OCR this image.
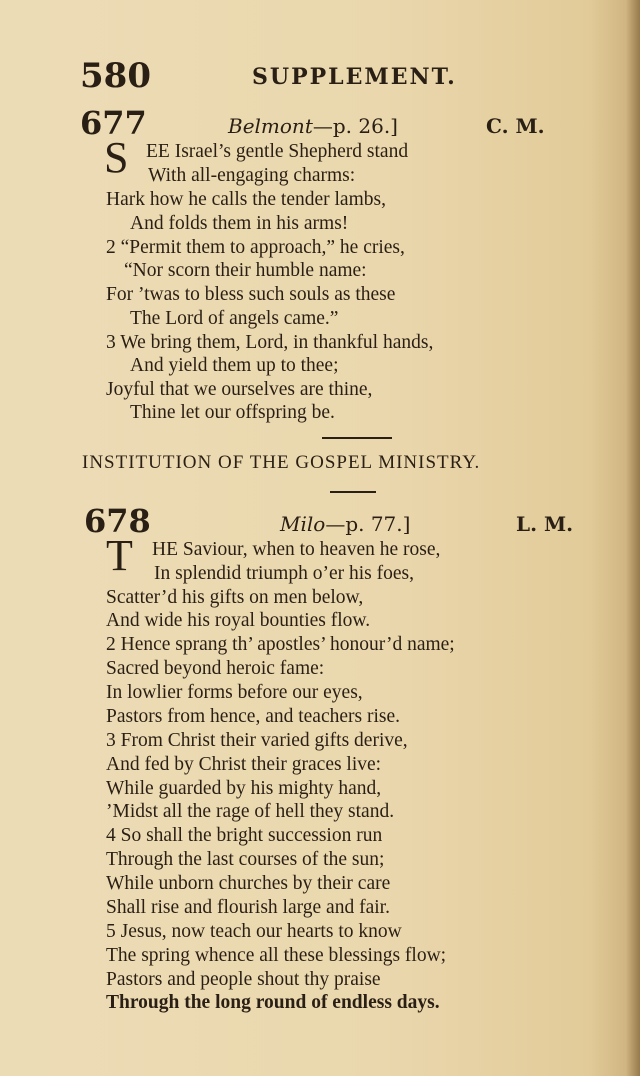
580	SUPPLEMENT.
677	Belmont—p. 26.]	C. M.
S EE Israel’s gentle Shepherd stand
With all-engaging charms:
Hark how he calls the tender lambs,
And folds them in his arms!
2 “Permit them to approach,” he cries,
“Nor scorn their humble name:
For ’twas to bless such souls as these
The Lord of angels came.”
3 We bring them, Lord, in thankful hands,
And yield them up to thee;
Joyful that we ourselves are thine,
Thine let our offspring be.
INSTITUTION OF THE GOSPEL MINISTRY.
678	Milo—p. 77.]	L. M.
T HE Saviour, when to heaven he rose,
In splendid triumph o’er his foes,
Scatter’d his gifts on men below,
And wide his royal bounties flow.
2 Hence sprang th’ apostles’ honour’d name;
Sacred beyond heroic fame:
In lowlier forms before our eyes,
Pastors from hence, and teachers rise.
3 From Christ their varied gifts derive,
And fed by Christ their graces live:
While guarded by his mighty hand,
’Midst all the rage of hell they stand.
4 So shall the bright succession run
Through the last courses of the sun;
While unborn churches by their care
Shall rise and flourish large and fair.
5 Jesus, now teach our hearts to know
The spring whence all these blessings flow;
Pastors and people shout thy praise
Through the long round of endless days.
